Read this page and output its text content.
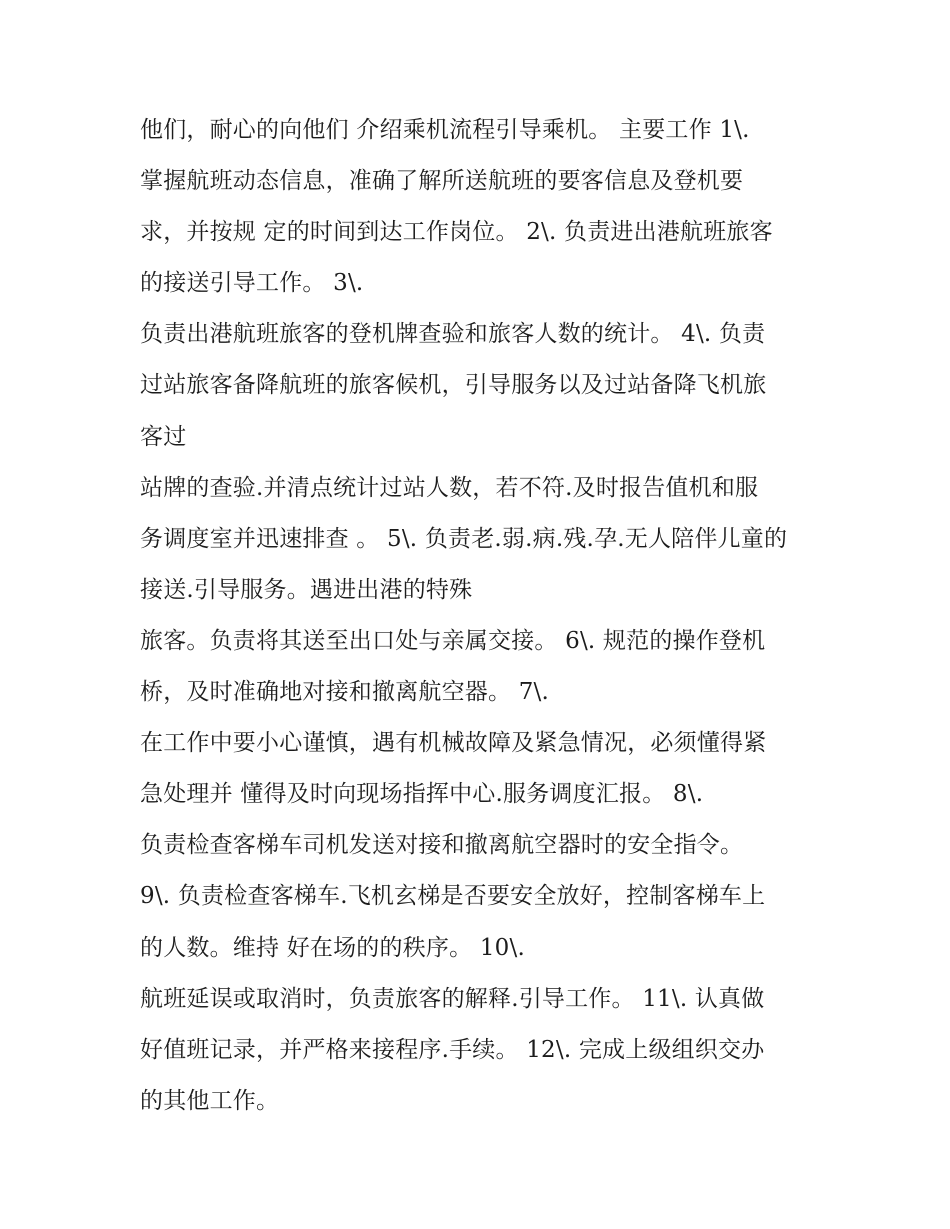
他们，耐心的向他们 介绍乘机流程引导乘机。 主要工作 1\.
掌握航班动态信息，准确了解所送航班的要客信息及登机要
求，并按规 定的时间到达工作岗位。 2\. 负责进出港航班旅客
的接送引导工作。 3\.
负责出港航班旅客的登机牌查验和旅客人数的统计。 4\. 负责
过站旅客备降航班的旅客候机，引导服务以及过站备降飞机旅
客过
站牌的查验.并清点统计过站人数，若不符.及时报告值机和服
务调度室并迅速排查 。 5\. 负责老.弱.病.残.孕.无人陪伴儿童的
接送.引导服务。遇进出港的特殊
旅客。负责将其送至出口处与亲属交接。 6\. 规范的操作登机
桥，及时准确地对接和撤离航空器。 7\.
在工作中要小心谨慎，遇有机械故障及紧急情况，必须懂得紧
急处理并 懂得及时向现场指挥中心.服务调度汇报。 8\.
负责检查客梯车司机发送对接和撤离航空器时的安全指令。
9\. 负责检查客梯车.飞机玄梯是否要安全放好，控制客梯车上
的人数。维持 好在场的的秩序。 10\.
航班延误或取消时，负责旅客的解释.引导工作。 11\. 认真做
好值班记录，并严格来接程序.手续。 12\. 完成上级组织交办
的其他工作。
